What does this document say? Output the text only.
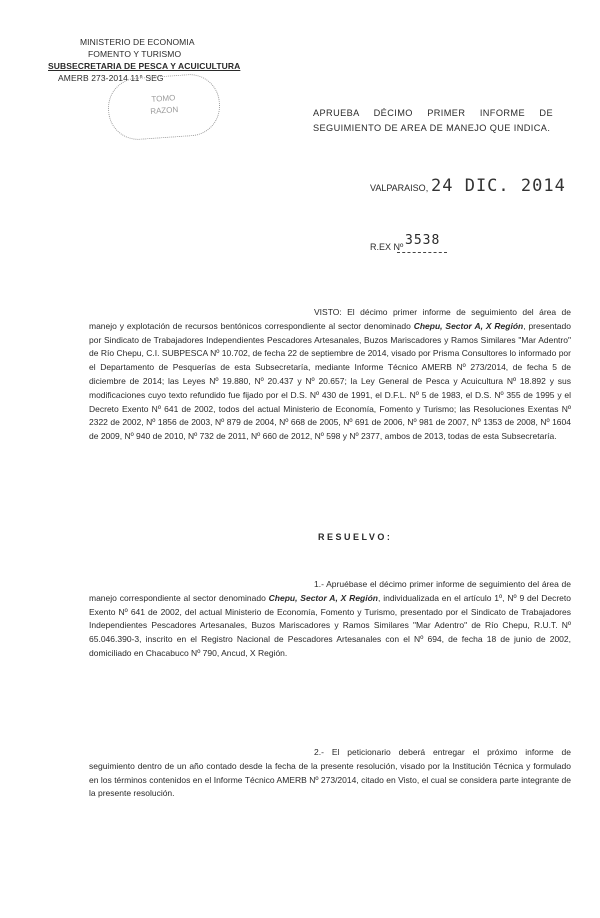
MINISTERIO DE ECONOMIA
FOMENTO Y TURISMO
SUBSECRETARIA DE PESCA Y ACUICULTURA
AMERB 273-2014 11° SEG
TOMO
RAZON	APRUEBA DÉCIMO PRIMER INFORME DE SEGUIMIENTO DE AREA DE MANEJO QUE INDICA.
VALPARAISO, 24 DIC. 2014
R.EX Nº 3538
VISTO: El décimo primer informe de seguimiento del área de manejo y explotación de recursos bentónicos correspondiente al sector denominado Chepu, Sector A, X Región, presentado por Sindicato de Trabajadores Independientes Pescadores Artesanales, Buzos Mariscadores y Ramos Similares "Mar Adentro" de Río Chepu, C.I. SUBPESCA Nº 10.702, de fecha 22 de septiembre de 2014, visado por Prisma Consultores lo informado por el Departamento de Pesquerías de esta Subsecretaría, mediante Informe Técnico AMERB Nº 273/2014, de fecha 5 de diciembre de 2014; las Leyes Nº 19.880, Nº 20.437 y Nº 20.657; la Ley General de Pesca y Acuicultura Nº 18.892 y sus modificaciones cuyo texto refundido fue fijado por el D.S. Nº 430 de 1991, el D.F.L. Nº 5 de 1983, el D.S. Nº 355 de 1995 y el Decreto Exento Nº 641 de 2002, todos del actual Ministerio de Economía, Fomento y Turismo; las Resoluciones Exentas Nº 2322 de 2002, Nº 1856 de 2003, Nº 879 de 2004, Nº 668 de 2005, Nº 691 de 2006, Nº 981 de 2007, Nº 1353 de 2008, Nº 1604 de 2009, Nº 940 de 2010, Nº 732 de 2011, Nº 660 de 2012, Nº 598 y Nº 2377, ambos de 2013, todas de esta Subsecretaría.
RESUELVO:
1.- Apruébase el décimo primer informe de seguimiento del área de manejo correspondiente al sector denominado Chepu, Sector A, X Región, individualizada en el artículo 1º, Nº 9 del Decreto Exento Nº 641 de 2002, del actual Ministerio de Economía, Fomento y Turismo, presentado por el Sindicato de Trabajadores Independientes Pescadores Artesanales, Buzos Mariscadores y Ramos Similares "Mar Adentro" de Río Chepu, R.U.T. Nº 65.046.390-3, inscrito en el Registro Nacional de Pescadores Artesanales con el Nº 694, de fecha 18 de junio de 2002, domiciliado en Chacabuco Nº 790, Ancud, X Región.
2.- El peticionario deberá entregar el próximo informe de seguimiento dentro de un año contado desde la fecha de la presente resolución, visado por la Institución Técnica y formulado en los términos contenidos en el Informe Técnico AMERB Nº 273/2014, citado en Visto, el cual se considera parte integrante de la presente resolución.
